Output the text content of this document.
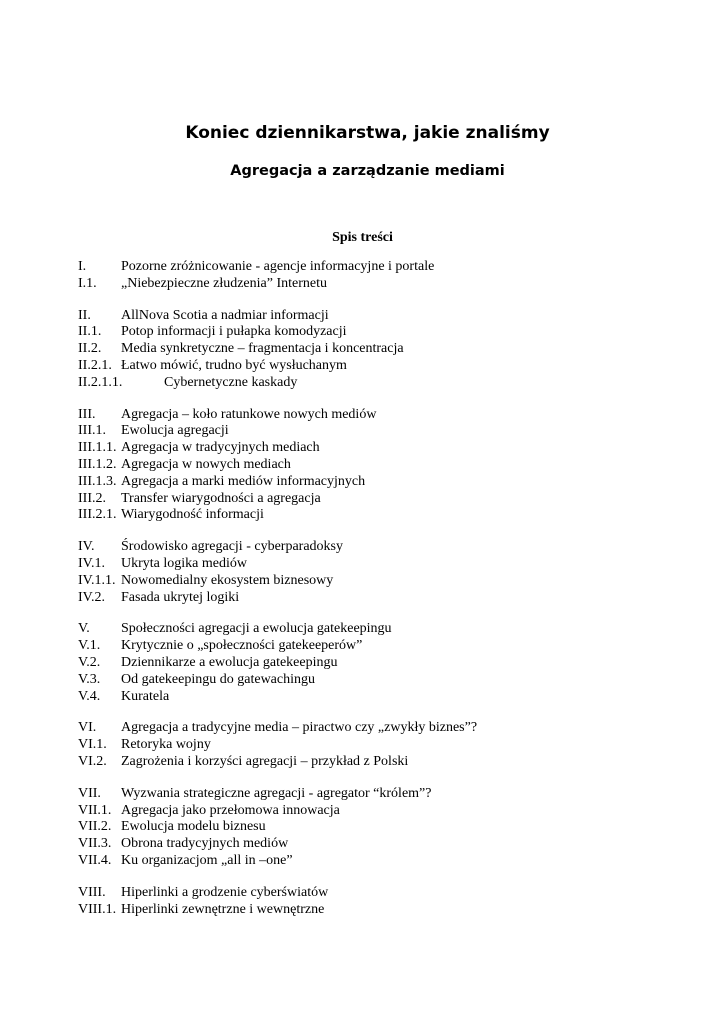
Koniec dziennikarstwa, jakie znaliśmy
Agregacja a zarządzanie mediami
Spis treści
I. Pozorne zróżnicowanie - agencje informacyjne i portale
I.1. „Niebezpieczne złudzenia” Internetu
II. AllNova Scotia a nadmiar informacji
II.1. Potop informacji i pułapka komodyzacji
II.2. Media synkretyczne – fragmentacja i koncentracja
II.2.1. Łatwo mówić, trudno być wysłuchanym
II.2.1.1.	Cybernetyczne kaskady
III. Agregacja – koło ratunkowe nowych mediów
III.1. Ewolucja agregacji
III.1.1. Agregacja w tradycyjnych mediach
III.1.2. Agregacja w nowych mediach
III.1.3. Agregacja a marki mediów informacyjnych
III.2. Transfer wiarygodności a agregacja
III.2.1. Wiarygodność informacji
IV. Środowisko agregacji - cyberparadoksy
IV.1. Ukryta logika mediów
IV.1.1. Nowomedialny ekosystem biznesowy
IV.2. Fasada ukrytej logiki
V. Społeczności agregacji a ewolucja gatekeepingu
V.1. Krytycznie o „społeczności gatekeeperów”
V.2. Dziennikarze a ewolucja gatekeepingu
V.3. Od gatekeepingu do gatewachingu
V.4. Kuratela
VI. Agregacja a tradycyjne media – piractwo czy „zwykły biznes”?
VI.1. Retoryka wojny
VI.2. Zagrożenia i korzyści agregacji – przykład z Polski
VII. Wyzwania strategiczne agregacji - agregator “królem”?
VII.1. Agregacja jako przełomowa innowacja
VII.2. Ewolucja modelu biznesu
VII.3. Obrona tradycyjnych mediów
VII.4. Ku organizacjom „all in –one”
VIII. Hiperlinki a grodzenie cyberświatów
VIII.1. Hiperlinki zewnętrzne i wewnętrzne
